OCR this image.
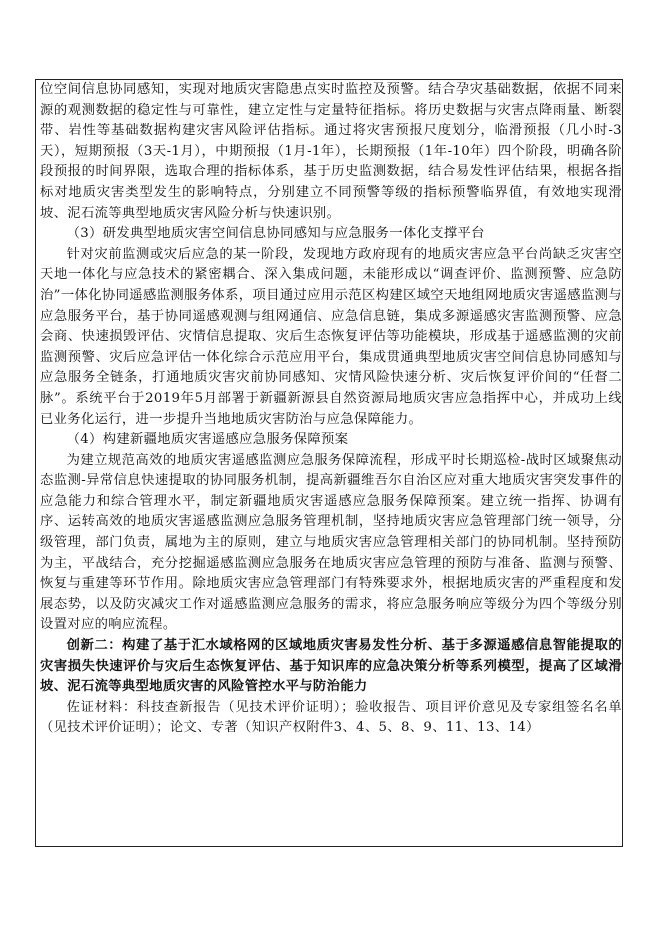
位空间信息协同感知，实现对地质灾害隐患点实时监控及预警。结合孕灾基础数据，依据不同来源的观测数据的稳定性与可靠性，建立定性与定量特征指标。将历史数据与灾害点降雨量、断裂带、岩性等基础数据构建灾害风险评估指标。通过将灾害预报尺度划分，临滑预报（几小时-3天），短期预报（3天-1月），中期预报（1月-1年），长期预报（1年-10年）四个阶段，明确各阶段预报的时间界限，选取合理的指标体系，基于历史监测数据，结合易发性评估结果，根据各指标对地质灾害类型发生的影响特点，分别建立不同预警等级的指标预警临界值，有效地实现滑坡、泥石流等典型地质灾害风险分析与快速识别。

（3）研发典型地质灾害空间信息协同感知与应急服务一体化支撑平台

针对灾前监测或灾后应急的某一阶段，发现地方政府现有的地质灾害应急平台尚缺乏灾害空天地一体化与应急技术的紧密耦合、深入集成问题，未能形成以“调查评价、监测预警、应急防治”一体化协同遥感监测服务体系，项目通过应用示范区构建区域空天地组网地质灾害遥感监测与应急服务平台，基于协同遥感观测与组网通信、应急信息链，集成多源遥感灾害监测预警、应急会商、快速损毁评估、灾情信息提取、灾后生态恢复评估等功能模块，形成基于遥感监测的灾前监测预警、灾后应急评估一体化综合示范应用平台，集成贯通典型地质灾害空间信息协同感知与应急服务全链条，打通地质灾害灾前协同感知、灾情风险快速分析、灾后恢复评价间的“任督二脉”。系统平台于2019年5月部署于新疆新源县自然资源局地质灾害应急指挥中心，并成功上线已业务化运行，进一步提升当地地质灾害防治与应急保障能力。

（4）构建新疆地质灾害遥感应急服务保障预案

为建立规范高效的地质灾害遥感监测应急服务保障流程，形成平时长期巡检-战时区域聚焦动态监测-异常信息快速提取的协同服务机制，提高新疆维吾尔自治区应对重大地质灾害突发事件的应急能力和综合管理水平，制定新疆地质灾害遥感应急服务保障预案。建立统一指挥、协调有序、运转高效的地质灾害遥感监测应急服务管理机制，坚持地质灾害应急管理部门统一领导，分级管理，部门负责，属地为主的原则，建立与地质灾害应急管理相关部门的协同机制。坚持预防为主，平战结合，充分挖掘遥感监测应急服务在地质灾害应急管理的预防与准备、监测与预警、恢复与重建等环节作用。除地质灾害应急管理部门有特殊要求外，根据地质灾害的严重程度和发展态势，以及防灾减灾工作对遥感监测应急服务的需求，将应急服务响应等级分为四个等级分别设置对应的响应流程。

创新二：构建了基于汇水域格网的区域地质灾害易发性分析、基于多源遥感信息智能提取的灾害损失快速评价与灾后生态恢复评估、基于知识库的应急决策分析等系列模型，提高了区域滑坡、泥石流等典型地质灾害的风险管控水平与防治能力

佐证材料：科技查新报告（见技术评价证明）；验收报告、项目评价意见及专家组签名名单（见技术评价证明）；论文、专著（知识产权附件3、4、5、8、9、11、13、14）
